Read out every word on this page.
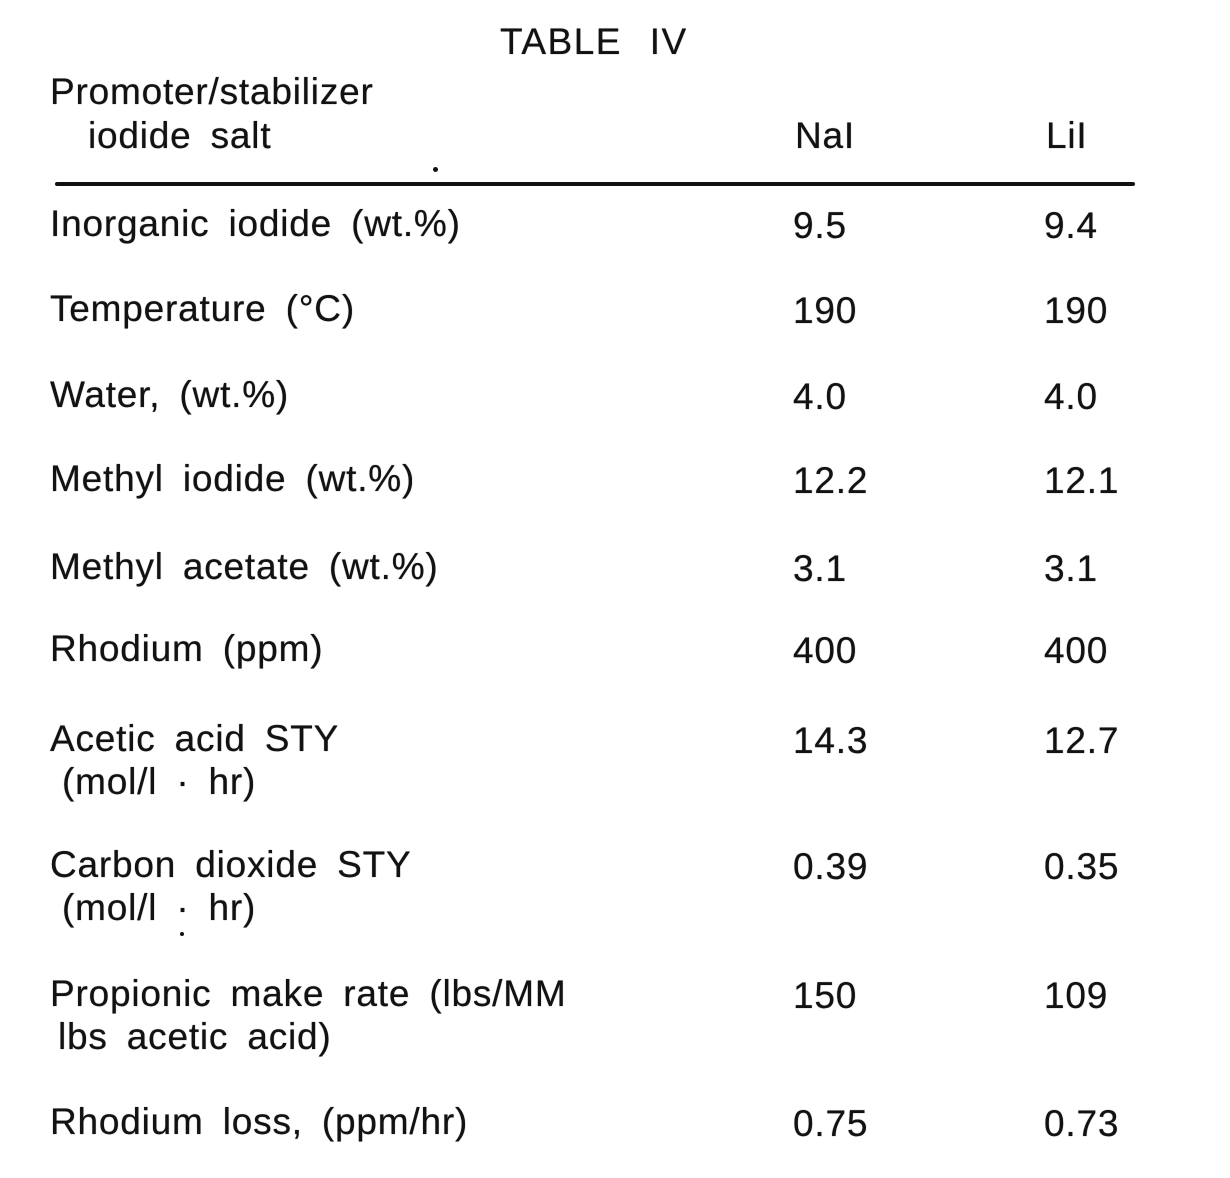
TABLE IV
Promoter/stabilizer
iodide salt	NaI	LiI
Inorganic iodide (wt.%)	9.5	9.4
Temperature (°C)	190	190
Water, (wt.%)	4.0	4.0
Methyl iodide (wt.%)	12.2	12.1
Methyl acetate (wt.%)	3.1	3.1
Rhodium (ppm)	400	400
Acetic acid STY
(mol/l · hr)
14.3	12.7
Carbon dioxide STY
(mol/l · hr)
0.39	0.35
Propionic make rate (lbs/MM
lbs acetic acid)
150	109
Rhodium loss, (ppm/hr)	0.75	0.73
